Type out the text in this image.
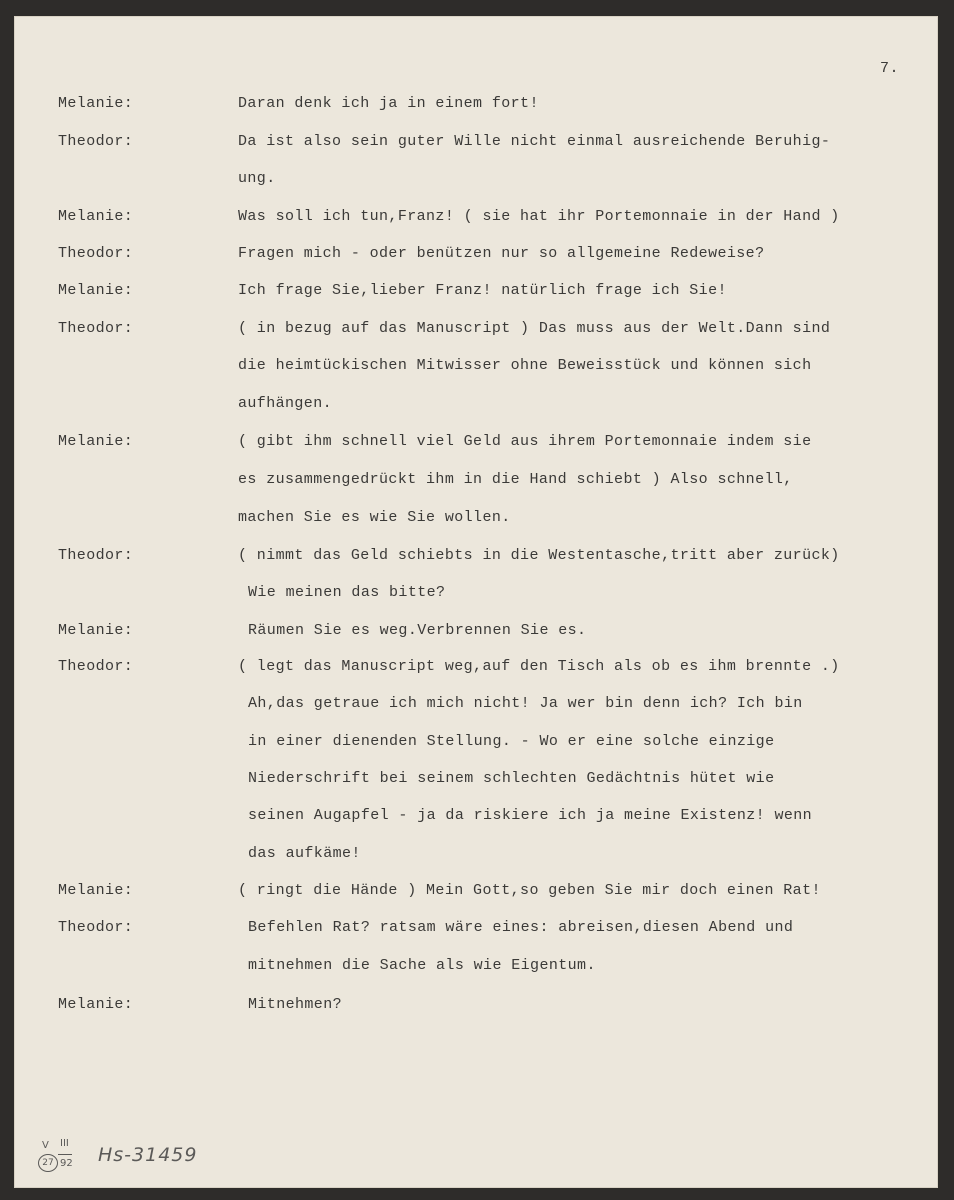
7.
Melanie:	Daran denk ich ja in einem fort!
Theodor:	Da ist also sein guter Wille nicht einmal ausreichende Beruhig-
ung.
Melanie:	Was soll ich tun,Franz! ( sie hat ihr Portemonnaie in der Hand )
Theodor:	Fragen mich - oder benützen nur so allgemeine Redeweise?
Melanie:	Ich frage Sie,lieber Franz! natürlich frage ich Sie!
Theodor:	( in bezug auf das Manuscript ) Das muss aus der Welt.Dann sind
die heimtückischen Mitwisser ohne Beweisstück und können sich
aufhängen.
Melanie:	( gibt ihm schnell viel Geld aus ihrem Portemonnaie indem sie
es zusammengedrückt ihm in die Hand schiebt ) Also schnell,
machen Sie es wie Sie wollen.
Theodor:	( nimmt das Geld schiebts in die Westentasche,tritt aber zurück)
Wie meinen das bitte?
Melanie:	Räumen Sie es weg.Verbrennen Sie es.
Theodor:	( legt das Manuscript weg,auf den Tisch als ob es ihm brennte .)
Ah,das getraue ich mich nicht! Ja wer bin denn ich? Ich bin
in einer dienenden Stellung. - Wo er eine solche einzige
Niederschrift bei seinem schlechten Gedächtnis hütet wie
seinen Augapfel - ja da riskiere ich ja meine Existenz! wenn
das aufkäme!
Melanie:	( ringt die Hände ) Mein Gott,so geben Sie mir doch einen Rat!
Theodor:	Befehlen Rat? ratsam wäre eines: abreisen,diesen Abend und
mitnehmen die Sache als wie Eigentum.
Melanie:	Mitnehmen?
V III
27 92 Hs-31459
